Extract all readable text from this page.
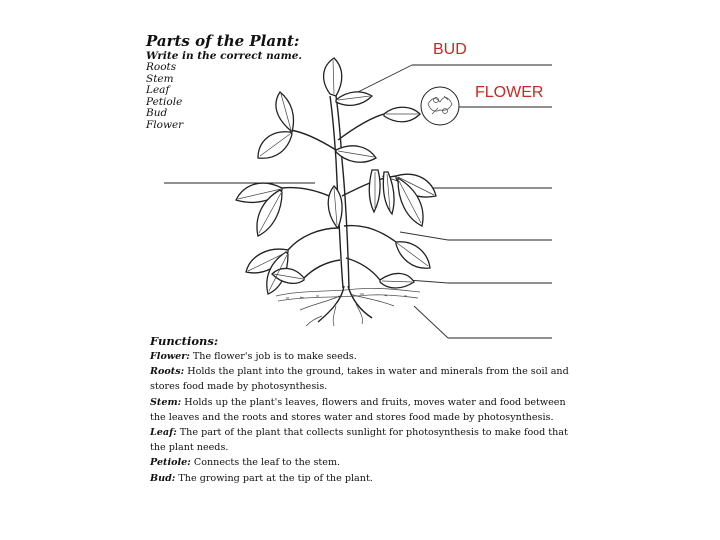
Parts of the Plant:
Write in the correct name.
Roots
Stem
Leaf
Petiole
Bud
Flower
BUD
FLOWER
Functions:

Flower: The flower's job is to make seeds.

Roots: Holds the plant into the ground, takes in water and minerals from the soil and stores food made by photosynthesis.

Stem: Holds up the plant's leaves, flowers and fruits, moves water and food between the leaves and the roots and stores water and stores food made by photosynthesis.

Leaf: The part of the plant that collects sunlight for photosynthesis to make food that the plant needs.

Petiole: Connects the leaf to the stem.

Bud: The growing part at the tip of the plant.
